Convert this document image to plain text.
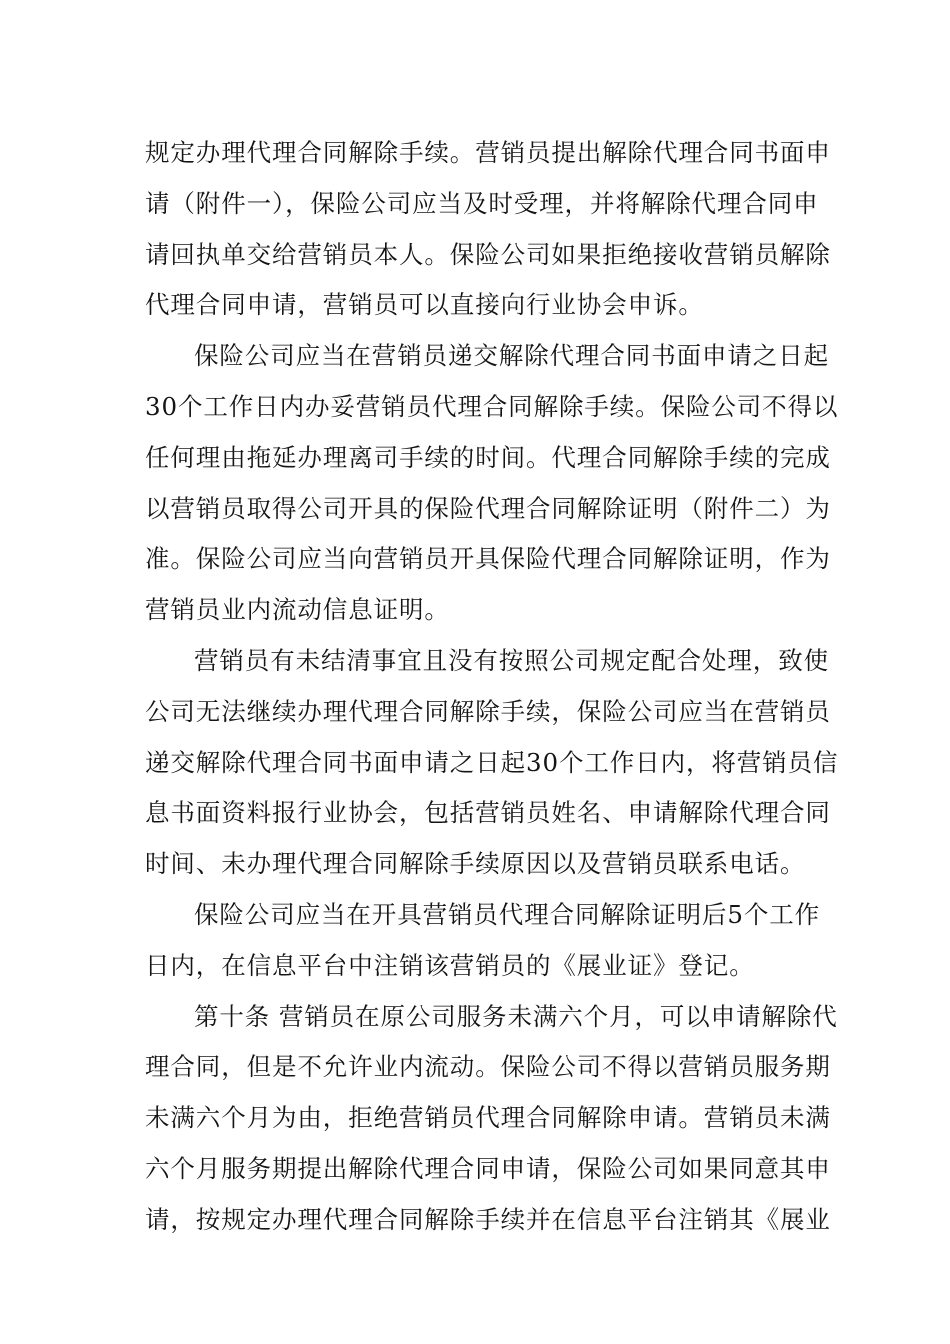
规定办理代理合同解除手续。营销员提出解除代理合同书面申
请（附件一），保险公司应当及时受理，并将解除代理合同申
请回执单交给营销员本人。保险公司如果拒绝接收营销员解除
代理合同申请，营销员可以直接向行业协会申诉。
保险公司应当在营销员递交解除代理合同书面申请之日起
30个工作日内办妥营销员代理合同解除手续。保险公司不得以
任何理由拖延办理离司手续的时间。代理合同解除手续的完成
以营销员取得公司开具的保险代理合同解除证明（附件二）为
准。保险公司应当向营销员开具保险代理合同解除证明，作为
营销员业内流动信息证明。
营销员有未结清事宜且没有按照公司规定配合处理，致使
公司无法继续办理代理合同解除手续，保险公司应当在营销员
递交解除代理合同书面申请之日起30个工作日内，将营销员信
息书面资料报行业协会，包括营销员姓名、申请解除代理合同
时间、未办理代理合同解除手续原因以及营销员联系电话。
保险公司应当在开具营销员代理合同解除证明后5个工作
日内，在信息平台中注销该营销员的《展业证》登记。
第十条 营销员在原公司服务未满六个月，可以申请解除代
理合同，但是不允许业内流动。保险公司不得以营销员服务期
未满六个月为由，拒绝营销员代理合同解除申请。营销员未满
六个月服务期提出解除代理合同申请，保险公司如果同意其申
请，按规定办理代理合同解除手续并在信息平台注销其《展业
